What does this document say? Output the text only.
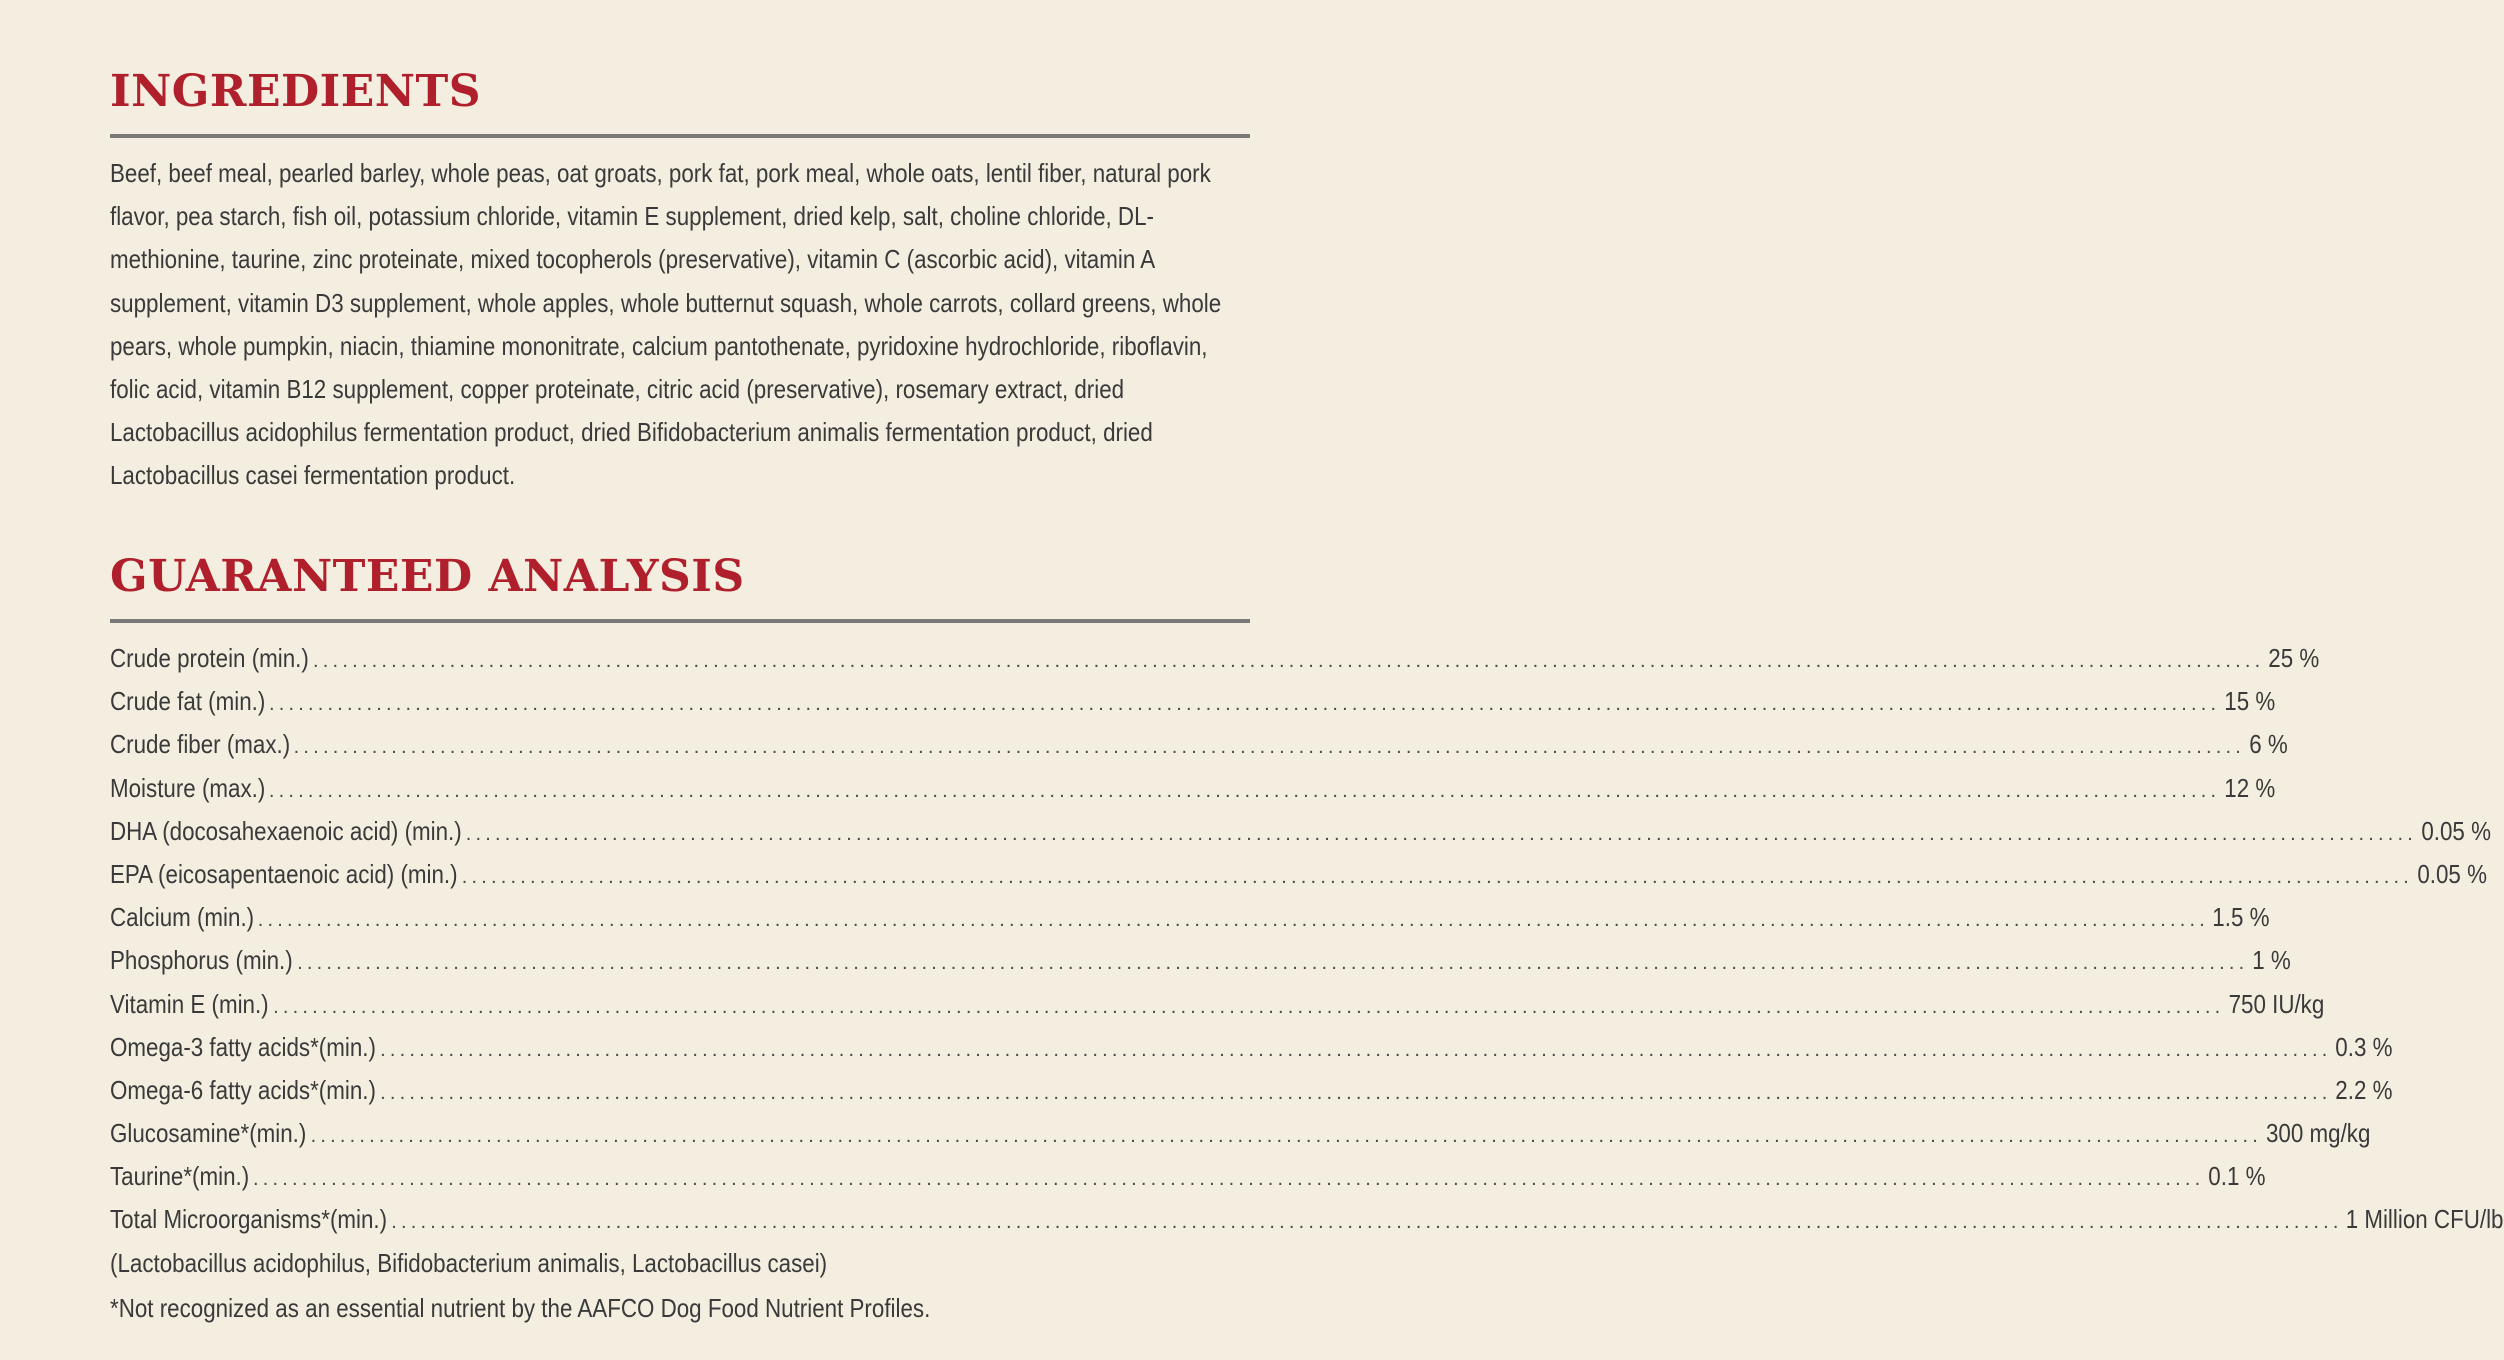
INGREDIENTS

Beef, beef meal, pearled barley, whole peas, oat groats, pork fat, pork meal, whole oats, lentil fiber, natural pork flavor, pea starch, fish oil, potassium chloride, vitamin E supplement, dried kelp, salt, choline chloride, DL-methionine, taurine, zinc proteinate, mixed tocopherols (preservative), vitamin C (ascorbic acid), vitamin A supplement, vitamin D3 supplement, whole apples, whole butternut squash, whole carrots, collard greens, whole pears, whole pumpkin, niacin, thiamine mononitrate, calcium pantothenate, pyridoxine hydrochloride, riboflavin, folic acid, vitamin B12 supplement, copper proteinate, citric acid (preservative), rosemary extract, dried Lactobacillus acidophilus fermentation product, dried Bifidobacterium animalis fermentation product, dried Lactobacillus casei fermentation product.

GUARANTEED ANALYSIS
Crude protein (min.) ........................................................................................................................................................................................................ 25 %
Crude fat (min.) ........................................................................................................................................................................................................ 15 %
Crude fiber (max.) ........................................................................................................................................................................................................ 6 %
Moisture (max.) ........................................................................................................................................................................................................ 12 %
DHA (docosahexaenoic acid) (min.) ........................................................................................................................................................................................................ 0.05 %
EPA (eicosapentaenoic acid) (min.) ........................................................................................................................................................................................................ 0.05 %
Calcium (min.) ........................................................................................................................................................................................................ 1.5 %
Phosphorus (min.) ........................................................................................................................................................................................................ 1 %
Vitamin E (min.) ........................................................................................................................................................................................................ 750 IU/kg
Omega-3 fatty acids*(min.) ........................................................................................................................................................................................................ 0.3 %
Omega-6 fatty acids*(min.) ........................................................................................................................................................................................................ 2.2 %
Glucosamine*(min.) ........................................................................................................................................................................................................ 300 mg/kg
Taurine*(min.) ........................................................................................................................................................................................................ 0.1 %
Total Microorganisms*(min.) ........................................................................................................................................................................................................ 1 Million CFU/lb
(Lactobacillus acidophilus, Bifidobacterium animalis, Lactobacillus casei)
*Not recognized as an essential nutrient by the AAFCO Dog Food Nutrient Profiles.
